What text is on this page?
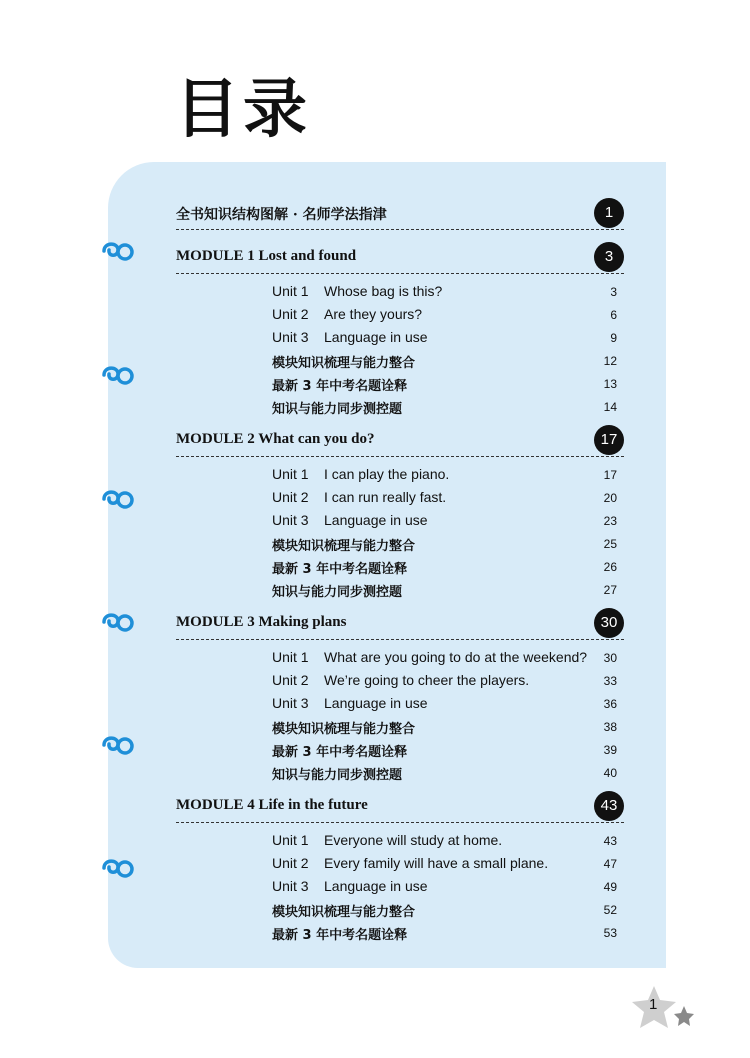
目录
全书知识结构图解 · 名师学法指津	1
MODULE 1 Lost and found	3
Unit 1 Whose bag is this?	3
Unit 2 Are they yours?	6
Unit 3 Language in use	9
模块知识梳理与能力整合	12
最新 3 年中考名题诠释	13
知识与能力同步测控题	14
MODULE 2 What can you do?	17
Unit 1 I can play the piano.	17
Unit 2 I can run really fast.	20
Unit 3 Language in use	23
模块知识梳理与能力整合	25
最新 3 年中考名题诠释	26
知识与能力同步测控题	27
MODULE 3 Making plans	30
Unit 1 What are you going to do at the weekend? 30
Unit 2 We’re going to cheer the players.	33
Unit 3 Language in use	36
模块知识梳理与能力整合	38
最新 3 年中考名题诠释	39
知识与能力同步测控题	40
MODULE 4 Life in the future	43
Unit 1 Everyone will study at home.	43
Unit 2 Every family will have a small plane.	47
Unit 3 Language in use	49
模块知识梳理与能力整合	52
最新 3 年中考名题诠释	53
1
